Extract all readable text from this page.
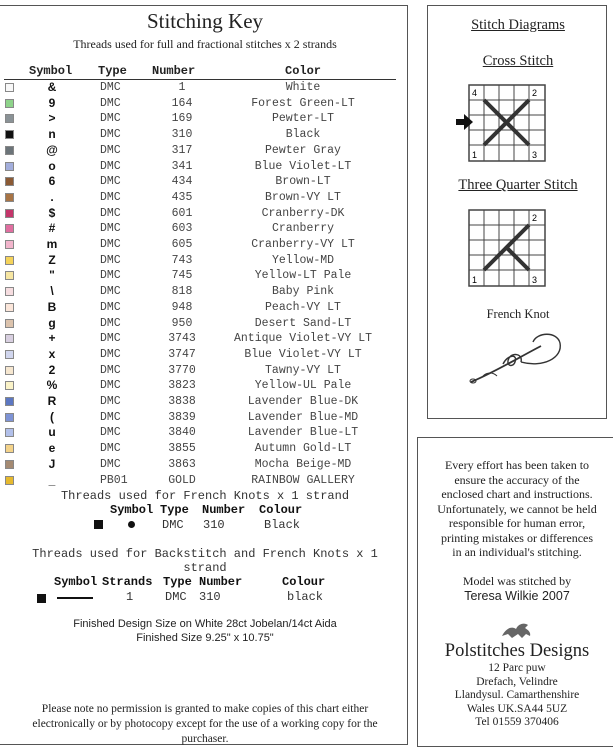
Stitching Key
Threads used for full and fractional stitches x 2 strands
Symbol Type Number	Color
&	DMC	1	White
9	DMC	164	Forest Green-LT
>	DMC	169	Pewter-LT
n	DMC	310	Black
@	DMC	317	Pewter Gray
o	DMC	341	Blue Violet-LT
6	DMC	434	Brown-LT
.	DMC	435	Brown-VY LT
$	DMC	601	Cranberry-DK
#	DMC	603	Cranberry
m	DMC	605	Cranberry-VY LT
Z	DMC	743	Yellow-MD
"	DMC	745	Yellow-LT Pale
\	DMC	818	Baby Pink
B	DMC	948	Peach-VY LT
g	DMC	950	Desert Sand-LT
+	DMC	3743	Antique Violet-VY LT
x	DMC	3747	Blue Violet-VY LT
2	DMC	3770	Tawny-VY LT
%	DMC	3823	Yellow-UL Pale
R	DMC	3838	Lavender Blue-DK
(	DMC	3839	Lavender Blue-MD
u	DMC	3840	Lavender Blue-LT
e	DMC	3855	Autumn Gold-LT
J	DMC	3863	Mocha Beige-MD
_	PB01	GOLD	RAINBOW GALLERY
Threads used for French Knots x 1 strand
Symbol Type Number Colour
DMC 310	Black
Threads used for Backstitch and French Knots x 1
strand
Symbol Strands Type Number	Colour
1	DMC 310	black
Finished Design Size on White 28ct Jobelan/14ct Aida
Finished Size 9.25" x 10.75"
Please note no permission is granted to make copies of this chart either
electronically or by photocopy except for the use of a working copy for the
purchaser.
Stitch Diagrams
Cross Stitch
4	2
1	3
Three Quarter Stitch
2
1	3
French Knot
Every effort has been taken to
ensure the accuracy of the
enclosed chart and instructions.
Unfortunately, we cannot be held
responsible for human error,
printing mistakes or differences
in an individual's stitching.
Model was stitched by
Teresa Wilkie 2007
Polstitches Designs
12 Parc puw
Drefach, Velindre
Llandysul. Camarthenshire
Wales UK.SA44 5UZ
Tel 01559 370406
